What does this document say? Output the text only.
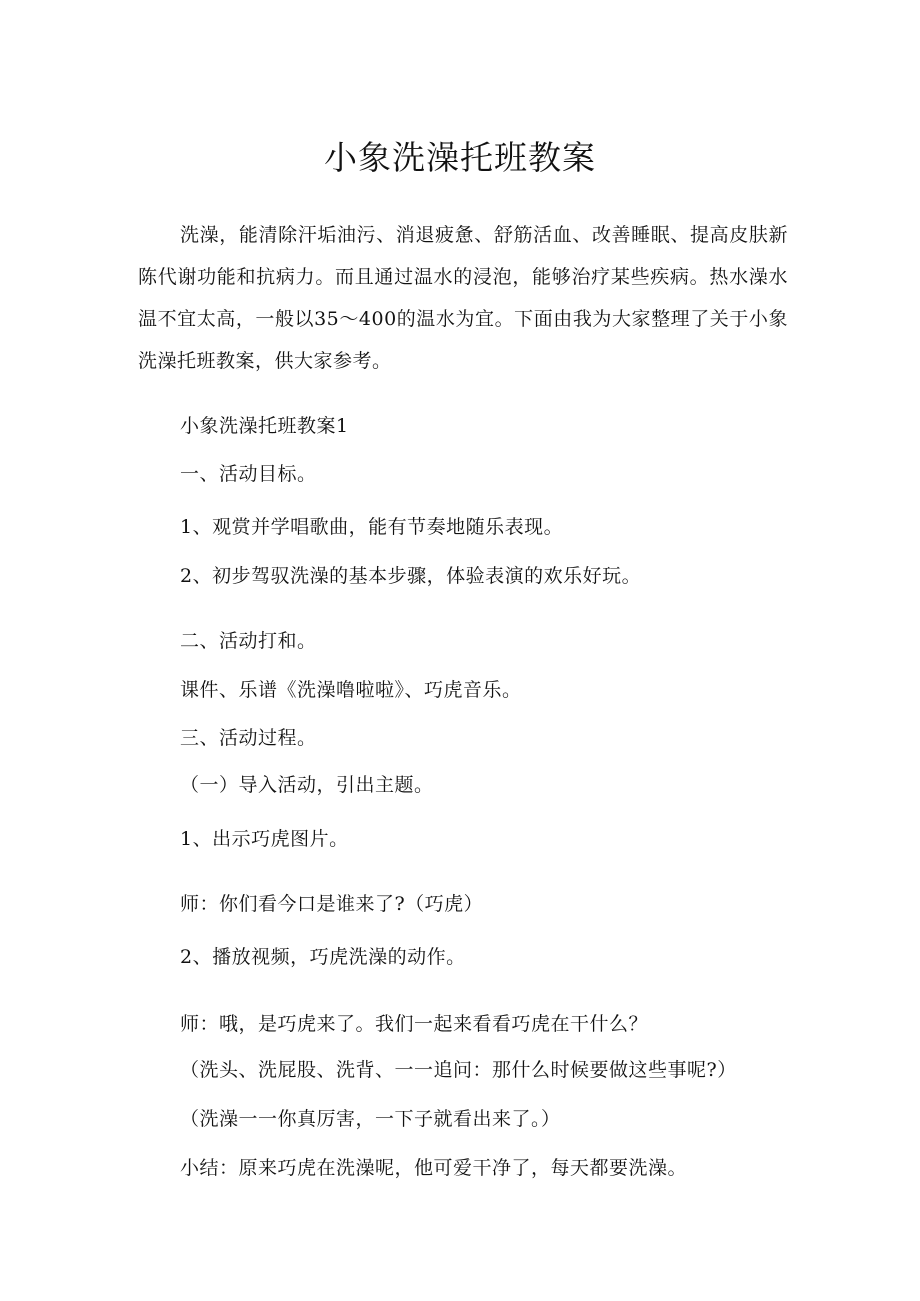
小象洗澡托班教案
洗澡，能清除汗垢油污、消退疲惫、舒筋活血、改善睡眠、提高皮肤新陈代谢功能和抗病力。而且通过温水的浸泡，能够治疗某些疾病。热水澡水温不宜太高，一般以35～400的温水为宜。下面由我为大家整理了关于小象洗澡托班教案，供大家参考。
小象洗澡托班教案1
一、活动目标。
1、观赏并学唱歌曲，能有节奏地随乐表现。
2、初步驾驭洗澡的基本步骤，体验表演的欢乐好玩。
二、活动打和。
课件、乐谱《洗澡噜啦啦》、巧虎音乐。
三、活动过程。
（一）导入活动，引出主题。
1、出示巧虎图片。
师：你们看今口是谁来了?（巧虎）
2、播放视频，巧虎洗澡的动作。
师：哦，是巧虎来了。我们一起来看看巧虎在干什么？
（洗头、洗屁股、洗背、一一追问：那什么时候要做这些事呢?）
（洗澡一一你真厉害，一下子就看出来了。）
小结：原来巧虎在洗澡呢，他可爱干净了，每天都要洗澡。
